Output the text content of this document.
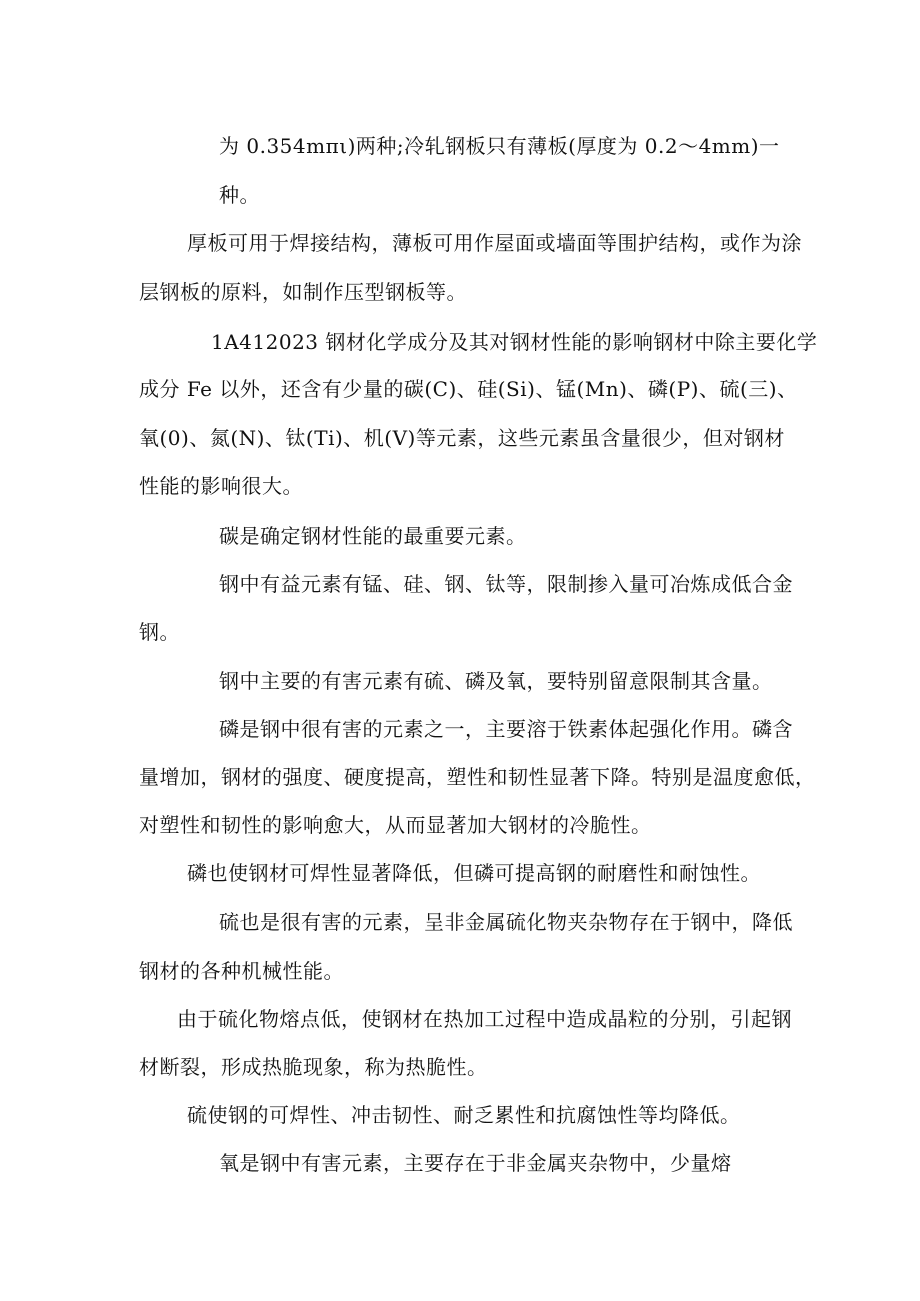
为 0.354mπι)两种;冷轧钢板只有薄板(厚度为 0.2～4mm)一
种。
厚板可用于焊接结构，薄板可用作屋面或墙面等围护结构，或作为涂
层钢板的原料，如制作压型钢板等。
1A412023 钢材化学成分及其对钢材性能的影响钢材中除主要化学
成分 Fe 以外，还含有少量的碳(C)、硅(Si)、锰(Mn)、磷(P)、硫(三)、
氧(0)、氮(N)、钛(Ti)、机(V)等元素，这些元素虽含量很少，但对钢材
性能的影响很大。
碳是确定钢材性能的最重要元素。
钢中有益元素有锰、硅、钢、钛等，限制掺入量可冶炼成低合金
钢。
钢中主要的有害元素有硫、磷及氧，要特别留意限制其含量。
磷是钢中很有害的元素之一，主要溶于铁素体起强化作用。磷含
量增加，钢材的强度、硬度提高，塑性和韧性显著下降。特别是温度愈低，
对塑性和韧性的影响愈大，从而显著加大钢材的冷脆性。
磷也使钢材可焊性显著降低，但磷可提高钢的耐磨性和耐蚀性。
硫也是很有害的元素，呈非金属硫化物夹杂物存在于钢中，降低
钢材的各种机械性能。
由于硫化物熔点低，使钢材在热加工过程中造成晶粒的分别，引起钢
材断裂，形成热脆现象，称为热脆性。
硫使钢的可焊性、冲击韧性、耐乏累性和抗腐蚀性等均降低。
氧是钢中有害元素，主要存在于非金属夹杂物中，少量熔
